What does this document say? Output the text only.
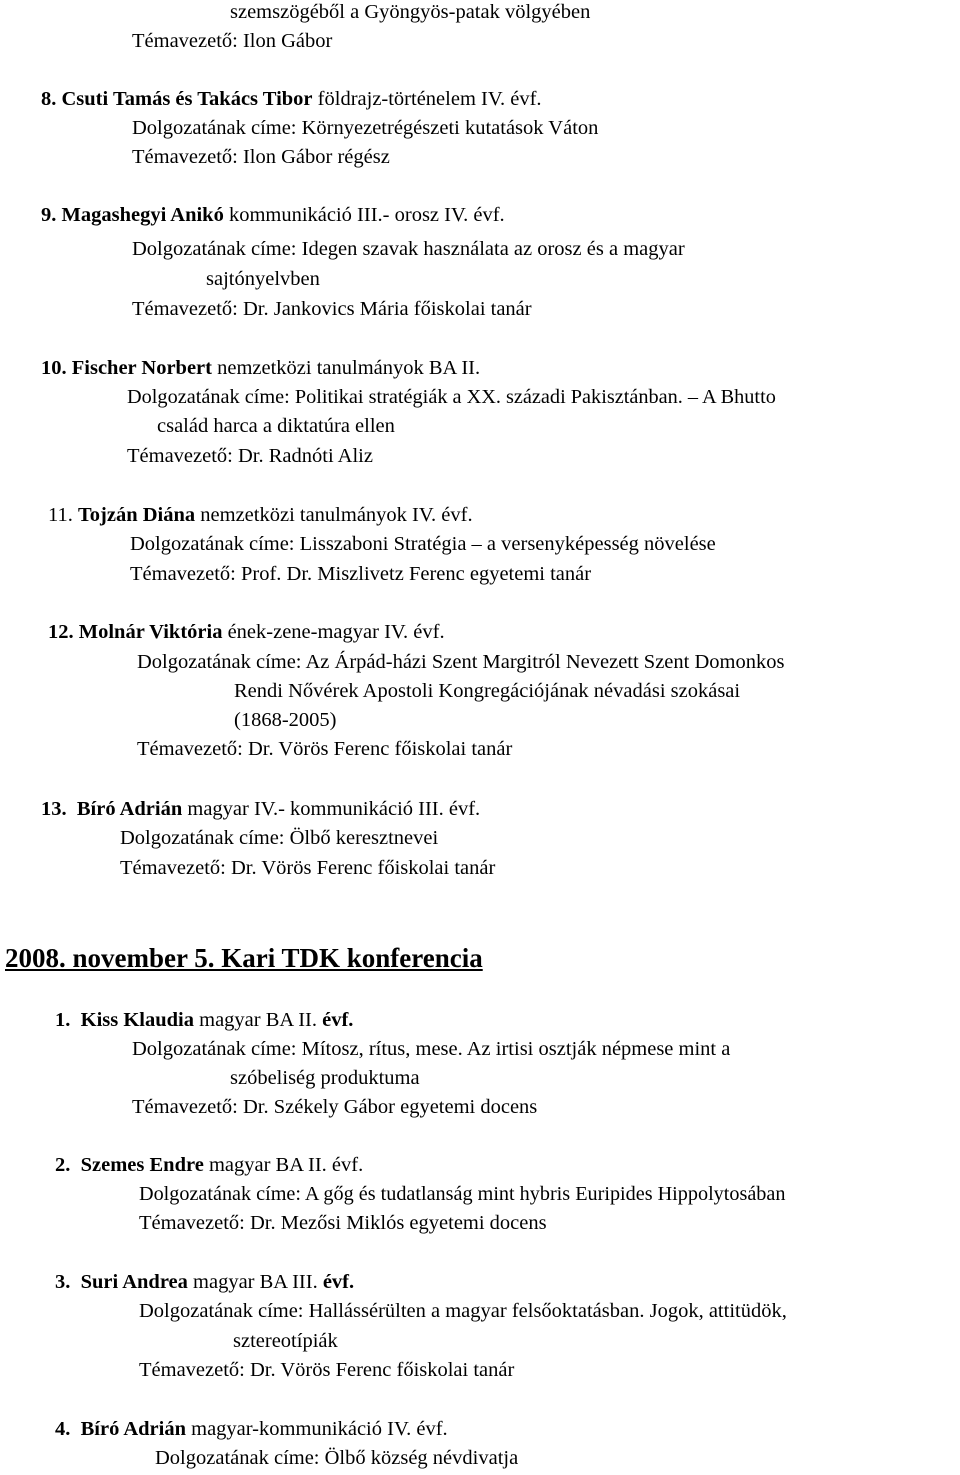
szemszögéből a Gyöngyös-patak völgyében
Témavezető: Ilon Gábor
8. Csuti Tamás és Takács Tibor földrajz-történelem IV. évf.
Dolgozatának címe: Környezetrégészeti kutatások Váton
Témavezető: Ilon Gábor régész
9. Magashegyi Anikó kommunikáció III.- orosz IV. évf.
Dolgozatának címe: Idegen szavak használata az orosz és a magyar
sajtónyelvben
Témavezető: Dr. Jankovics Mária főiskolai tanár
10. Fischer Norbert nemzetközi tanulmányok BA II.
Dolgozatának címe: Politikai stratégiák a XX. századi Pakisztánban. – A Bhutto
család harca a diktatúra ellen
Témavezető: Dr. Radnóti Aliz
11. Tojzán Diána nemzetközi tanulmányok IV. évf.
Dolgozatának címe: Lisszaboni Stratégia – a versenyképesség növelése
Témavezető: Prof. Dr. Miszlivetz Ferenc egyetemi tanár
12. Molnár Viktória ének-zene-magyar IV. évf.
Dolgozatának címe: Az Árpád-házi Szent Margitról Nevezett Szent Domonkos
Rendi Nővérek Apostoli Kongregációjának névadási szokásai
(1868-2005)
Témavezető: Dr. Vörös Ferenc főiskolai tanár
13. Bíró Adrián magyar IV.- kommunikáció III. évf.
Dolgozatának címe: Ölbő keresztnevei
Témavezető: Dr. Vörös Ferenc főiskolai tanár
2008. november 5. Kari TDK konferencia
1. Kiss Klaudia magyar BA II. évf.
Dolgozatának címe: Mítosz, rítus, mese. Az irtisi osztják népmese mint a
szóbeliség produktuma
Témavezető: Dr. Székely Gábor egyetemi docens
2. Szemes Endre magyar BA II. évf.
Dolgozatának címe: A gőg és tudatlanság mint hybris Euripides Hippolytosában
Témavezető: Dr. Mezősi Miklós egyetemi docens
3. Suri Andrea magyar BA III. évf.
Dolgozatának címe: Hallássérülten a magyar felsőoktatásban. Jogok, attitüdök,
sztereotípiák
Témavezető: Dr. Vörös Ferenc főiskolai tanár
4. Bíró Adrián magyar-kommunikáció IV. évf.
Dolgozatának címe: Ölbő község névdivatja
